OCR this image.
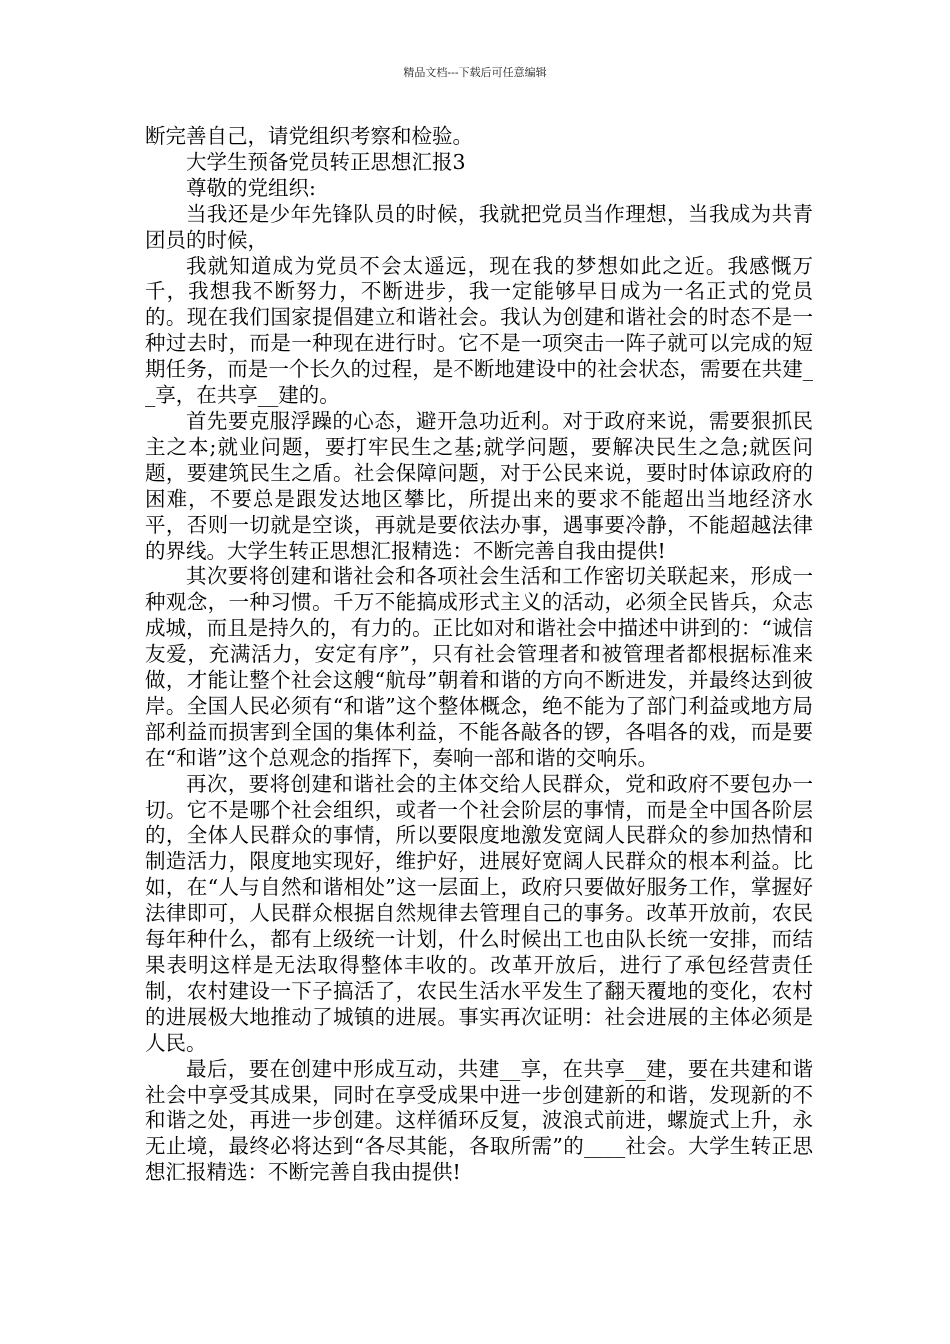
精品文档---下载后可任意编辑

断完善自己，请党组织考察和检验。

大学生预备党员转正思想汇报3

尊敬的党组织:

当我还是少年先锋队员的时候，我就把党员当作理想，当我成为共青团员的时候，

我就知道成为党员不会太遥远，现在我的梦想如此之近。我感慨万千，我想我不断努力，不断进步，我一定能够早日成为一名正式的党员的。现在我们国家提倡建立和谐社会。我认为创建和谐社会的时态不是一种过去时，而是一种现在进行时。它不是一项突击一阵子就可以完成的短期任务，而是一个长久的过程，是不断地建设中的社会状态，需要在共建__享，在共享__建的。

首先要克服浮躁的心态，避开急功近利。对于政府来说，需要狠抓民主之本;就业问题，要打牢民生之基;就学问题，要解决民生之急;就医问题，要建筑民生之盾。社会保障问题，对于公民来说，要时时体谅政府的困难，不要总是跟发达地区攀比，所提出来的要求不能超出当地经济水平，否则一切就是空谈，再就是要依法办事，遇事要冷静，不能超越法律的界线。大学生转正思想汇报精选：不断完善自我由提供!

其次要将创建和谐社会和各项社会生活和工作密切关联起来，形成一种观念，一种习惯。千万不能搞成形式主义的活动，必须全民皆兵，众志成城，而且是持久的，有力的。正比如对和谐社会中描述中讲到的：“诚信友爱，充满活力，安定有序”，只有社会管理者和被管理者都根据标准来做，才能让整个社会这艘“航母”朝着和谐的方向不断进发，并最终达到彼岸。全国人民必须有“和谐”这个整体概念，绝不能为了部门利益或地方局部利益而损害到全国的集体利益，不能各敲各的锣，各唱各的戏，而是要在“和谐”这个总观念的指挥下，奏响一部和谐的交响乐。

再次，要将创建和谐社会的主体交给人民群众，党和政府不要包办一切。它不是哪个社会组织，或者一个社会阶层的事情，而是全中国各阶层的，全体人民群众的事情，所以要限度地激发宽阔人民群众的参加热情和制造活力，限度地实现好，维护好，进展好宽阔人民群众的根本利益。比如，在“人与自然和谐相处”这一层面上，政府只要做好服务工作，掌握好法律即可，人民群众根据自然规律去管理自己的事务。改革开放前，农民每年种什么，都有上级统一计划，什么时候出工也由队长统一安排，而结果表明这样是无法取得整体丰收的。改革开放后，进行了承包经营责任制，农村建设一下子搞活了，农民生活水平发生了翻天覆地的变化，农村的进展极大地推动了城镇的进展。事实再次证明：社会进展的主体必须是人民。

最后，要在创建中形成互动，共建__享，在共享__建，要在共建和谐社会中享受其成果，同时在享受成果中进一步创建新的和谐，发现新的不和谐之处，再进一步创建。这样循环反复，波浪式前进，螺旋式上升，永无止境，最终必将达到“各尽其能，各取所需”的____社会。大学生转正思想汇报精选：不断完善自我由提供!
